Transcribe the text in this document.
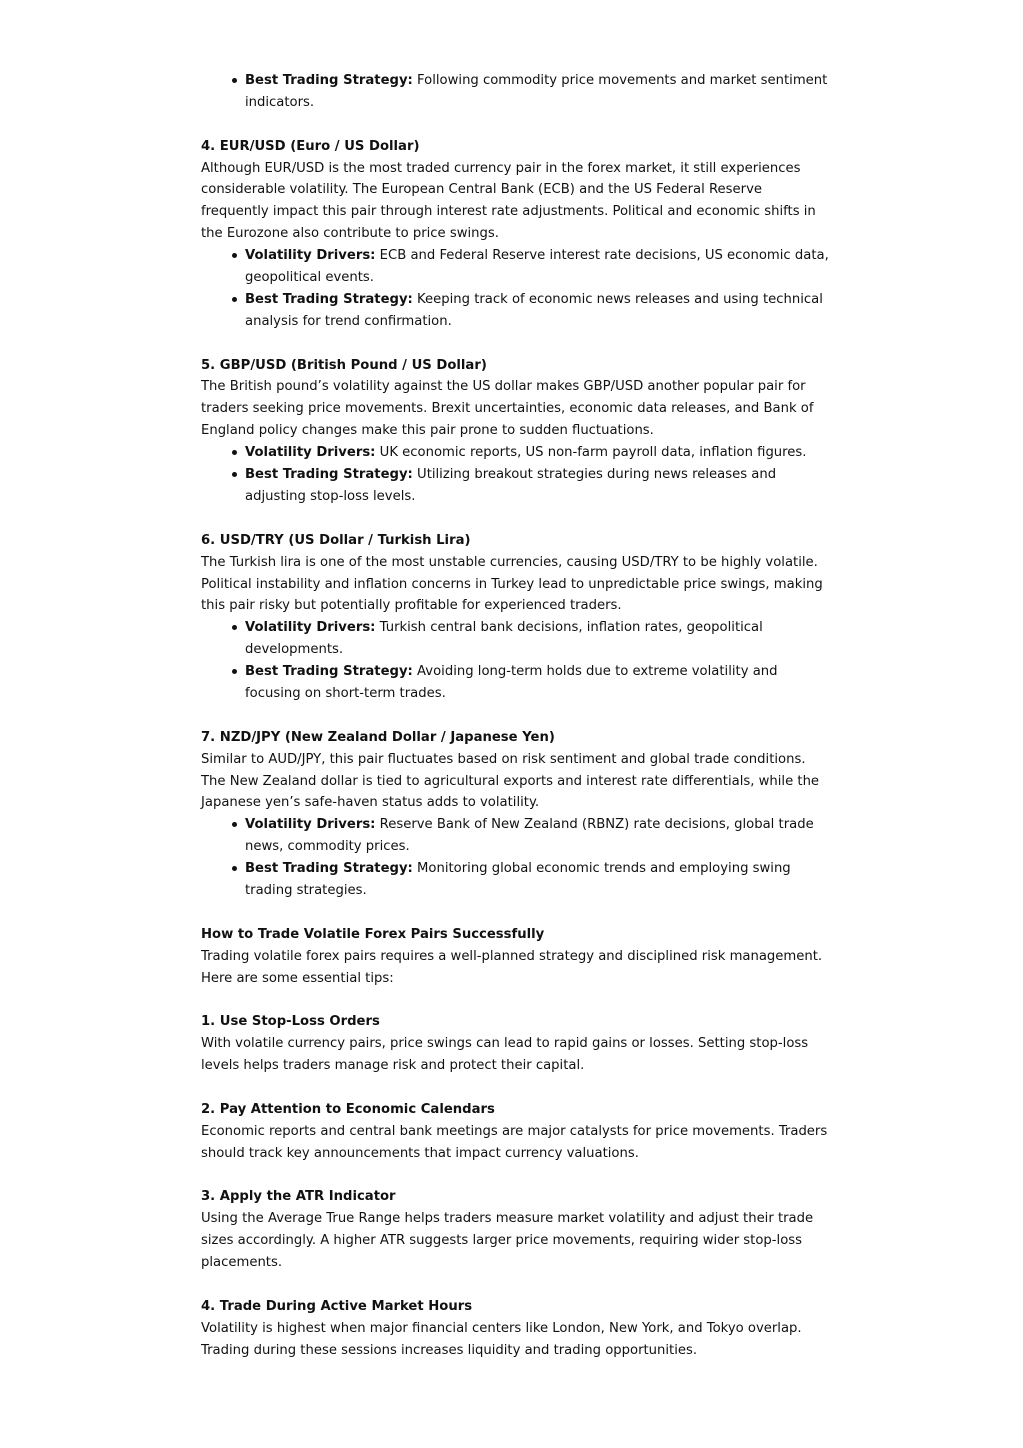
Best Trading Strategy: Following commodity price movements and market sentiment indicators.
4. EUR/USD (Euro / US Dollar)

Although EUR/USD is the most traded currency pair in the forex market, it still experiences considerable volatility. The European Central Bank (ECB) and the US Federal Reserve frequently impact this pair through interest rate adjustments. Political and economic shifts in the Eurozone also contribute to price swings.

Volatility Drivers: ECB and Federal Reserve interest rate decisions, US economic data, geopolitical events.
Best Trading Strategy: Keeping track of economic news releases and using technical analysis for trend confirmation.
5. GBP/USD (British Pound / US Dollar)

The British pound’s volatility against the US dollar makes GBP/USD another popular pair for traders seeking price movements. Brexit uncertainties, economic data releases, and Bank of England policy changes make this pair prone to sudden fluctuations.

Volatility Drivers: UK economic reports, US non-farm payroll data, inflation figures.
Best Trading Strategy: Utilizing breakout strategies during news releases and adjusting stop-loss levels.
6. USD/TRY (US Dollar / Turkish Lira)

The Turkish lira is one of the most unstable currencies, causing USD/TRY to be highly volatile. Political instability and inflation concerns in Turkey lead to unpredictable price swings, making this pair risky but potentially profitable for experienced traders.

Volatility Drivers: Turkish central bank decisions, inflation rates, geopolitical developments.
Best Trading Strategy: Avoiding long-term holds due to extreme volatility and focusing on short-term trades.
7. NZD/JPY (New Zealand Dollar / Japanese Yen)

Similar to AUD/JPY, this pair fluctuates based on risk sentiment and global trade conditions. The New Zealand dollar is tied to agricultural exports and interest rate differentials, while the Japanese yen’s safe-haven status adds to volatility.

Volatility Drivers: Reserve Bank of New Zealand (RBNZ) rate decisions, global trade news, commodity prices.
Best Trading Strategy: Monitoring global economic trends and employing swing trading strategies.
How to Trade Volatile Forex Pairs Successfully

Trading volatile forex pairs requires a well-planned strategy and disciplined risk management. Here are some essential tips:

1. Use Stop-Loss Orders

With volatile currency pairs, price swings can lead to rapid gains or losses. Setting stop-loss levels helps traders manage risk and protect their capital.

2. Pay Attention to Economic Calendars

Economic reports and central bank meetings are major catalysts for price movements. Traders should track key announcements that impact currency valuations.

3. Apply the ATR Indicator

Using the Average True Range helps traders measure market volatility and adjust their trade sizes accordingly. A higher ATR suggests larger price movements, requiring wider stop-loss placements.

4. Trade During Active Market Hours

Volatility is highest when major financial centers like London, New York, and Tokyo overlap. Trading during these sessions increases liquidity and trading opportunities.
